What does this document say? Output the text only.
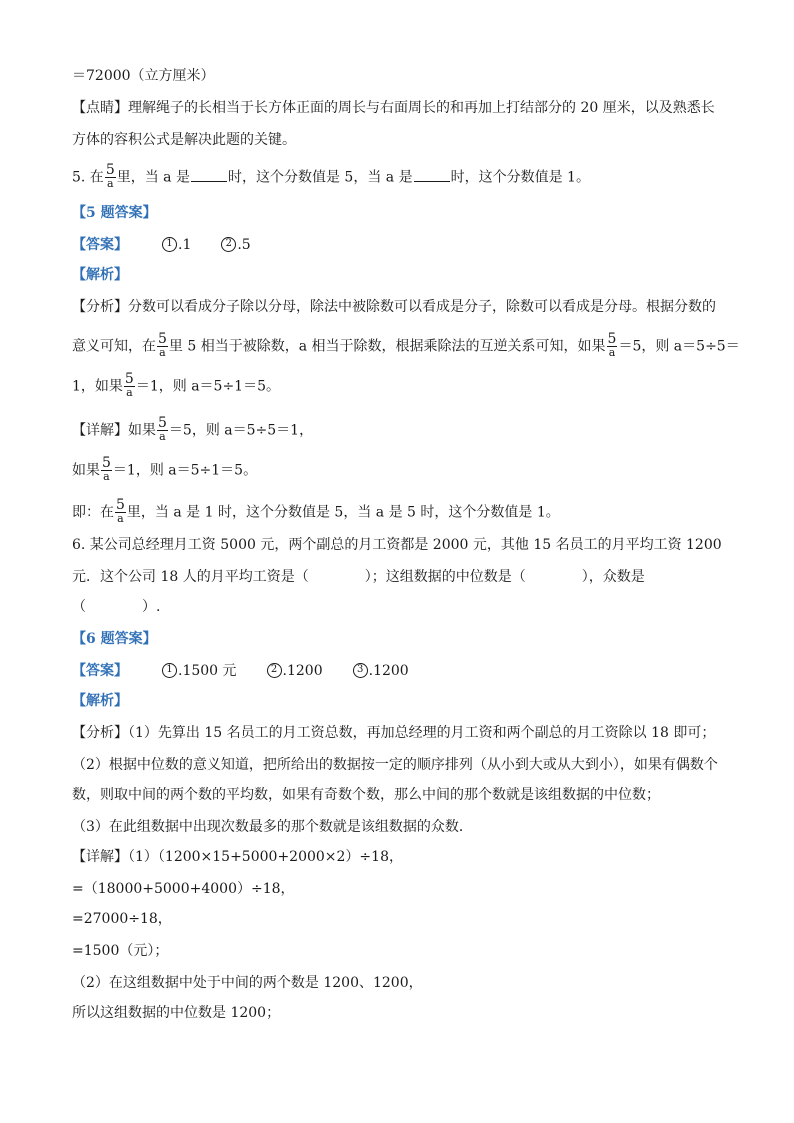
＝72000（立方厘米）
【点睛】理解绳子的长相当于长方体正面的周长与右面周长的和再加上打结部分的 20 厘米，以及熟悉长
方体的容积公式是解决此题的关键。
5. 在 $\frac{5}{a}$ 里，当 a 是	时，这个分数值是 5，当 a 是	时，这个分数值是 1。
【5 题答案】
【答案】	1 .1	2 .5
【解析】
【分析】分数可以看成分子除以分母，除法中被除数可以看成是分子，除数可以看成是分母。根据分数的
意义可知，在 $\frac{5}{a}$ 里 5 相当于被除数，a 相当于除数，根据乘除法的互逆关系可知，如果 $\frac{5}{a} =5$，则 a＝5÷5＝
1，如果 $\frac{5}{a} =1$，则 a＝5÷1＝5。
【详解】如果 $\frac{5}{a} =5$，则 a＝5÷5＝1，
如果 $\frac{5}{a} =1$，则 a＝5÷1＝5。
即：在 $\frac{5}{a}$ 里，当 a 是 1 时，这个分数值是 5，当 a 是 5 时，这个分数值是 1。
6. 某公司总经理月工资 5000 元，两个副总的月工资都是 2000 元，其他 15 名员工的月平均工资 1200
元．这个公司 18 人的月平均工资是（　　　　）；这组数据的中位数是（　　　　），众数是
（　　　　）.
【6 题答案】
【答案】	1 .1500 元	2 .1200	3 .1200
【解析】
【分析】（1）先算出 15 名员工的月工资总数，再加总经理的月工资和两个副总的月工资除以 18 即可；
（2）根据中位数的意义知道，把所给出的数据按一定的顺序排列（从小到大或从大到小），如果有偶数个
数，则取中间的两个数的平均数，如果有奇数个数，那么中间的那个数就是该组数据的中位数；
（3）在此组数据中出现次数最多的那个数就是该组数据的众数．
【详解】（1）（1200×15+5000+2000×2）÷18，
=（18000+5000+4000）÷18，
=27000÷18，
=1500（元）；
（2）在这组数据中处于中间的两个数是 1200、1200，
所以这组数据的中位数是 1200；
